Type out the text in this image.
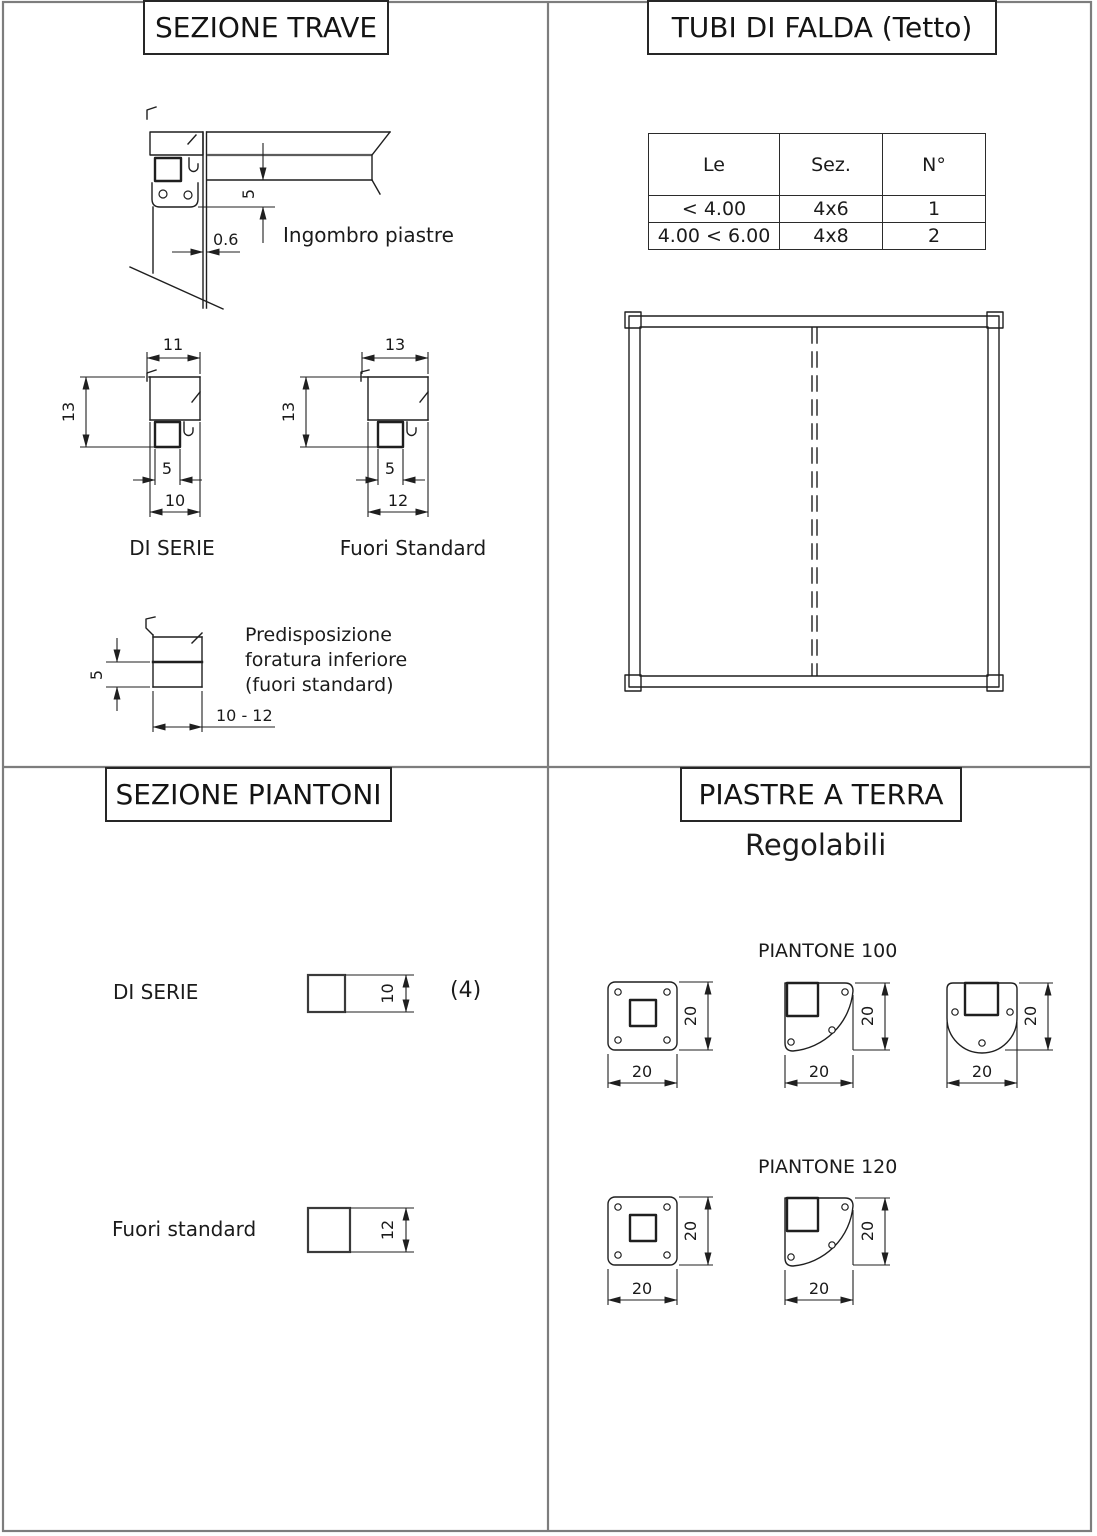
SEZIONE TRAVE
5
0.6 Ingombro piastre
11
13
5
10
DI SERIE
13
13
5
12
Fuori Standard
5
10 - 12
Predisposizione
foratura inferiore
(fuori standard)
TUBI DI FALDA (Tetto)
Le	Sez.	N°
< 4.00	4x6	1
4.00 < 6.00	4x8	2
SEZIONE PIANTONI
DI SERIE	10 (4)
Fuori standard	12
PIASTRE A TERRA
Regolabili
PIANTONE 100
20
20
20
20
20
20
PIANTONE 120
20
20
20
20
